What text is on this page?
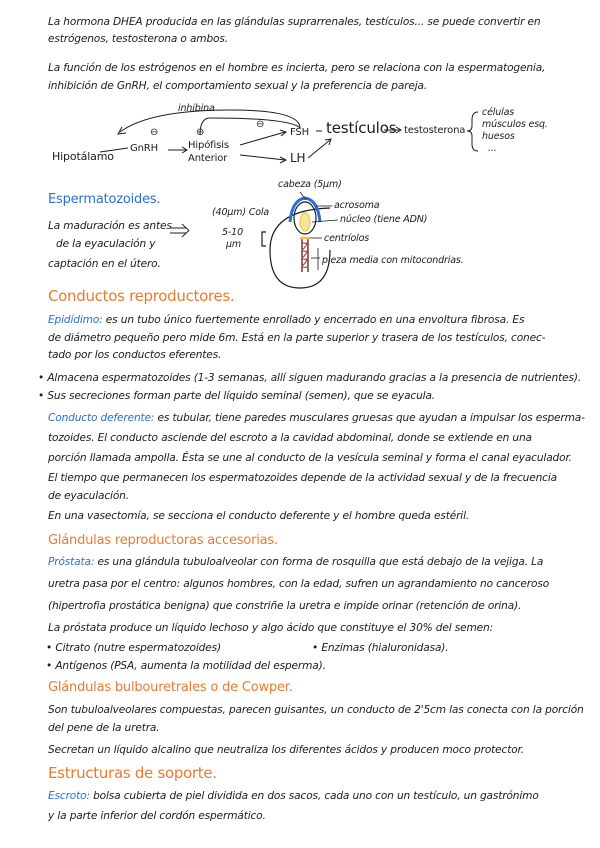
La hormona DHEA producida en las glándulas suprarrenales, testículos... se puede convertir en
estrógenos, testosterona o ambos.
La función de los estrógenos en el hombre es incierta, pero se relaciona con la espermatogenia,
inhibición de GnRH, el comportamiento sexual y la preferencia de pareja.
inhibina
⊖	⊖
⊖
Hipotálamo
GnRH	Hipófisis
Anterior
FSH
LH
testículos testosterona
células
músculos esq.
huesos
...
Espermatozoides.
La maduración es antes
de la eyaculación y
captación en el útero.
(40μm) Cola
5-10
μm
cabeza (5μm)
acrosoma
núcleo (tiene ADN)
centríolos
pieza media con mitocondrias.
Conductos reproductores.
Epidídimo: es un tubo único fuertemente enrollado y encerrado en una envoltura fibrosa. Es
de diámetro pequeño pero mide 6m. Está en la parte superior y trasera de los testículos, conec-
tado por los conductos eferentes.
• Almacena espermatozoides (1-3 semanas, allí siguen madurando gracias a la presencia de nutrientes).
• Sus secreciones forman parte del líquido seminal (semen), que se eyacula.
Conducto deferente: es tubular, tiene paredes musculares gruesas que ayudan a impulsar los esperma-
tozoides. El conducto asciende del escroto a la cavidad abdominal, donde se extiende en una
porción llamada ampolla. Ésta se une al conducto de la vesícula seminal y forma el canal eyaculador.
El tiempo que permanecen los espermatozoides depende de la actividad sexual y de la frecuencia
de eyaculación.
En una vasectomía, se secciona el conducto deferente y el hombre queda estéril.
Glándulas reproductoras accesorias.
Próstata: es una glándula tubuloalveolar con forma de rosquilla que está debajo de la vejiga. La
uretra pasa por el centro: algunos hombres, con la edad, sufren un agrandamiento no canceroso
(hipertrofia prostática benigna) que constriñe la uretra e impide orinar (retención de orina).
La próstata produce un líquido lechoso y algo ácido que constituye el 30% del semen:
• Citrato (nutre espermatozoides)	• Enzimas (hialuronidasa).
• Antígenos (PSA, aumenta la motilidad del esperma).
Glándulas bulbouretrales o de Cowper.
Son tubuloalveolares compuestas, parecen guisantes, un conducto de 2'5cm las conecta con la porción
del pene de la uretra.
Secretan un líquido alcalino que neutraliza los diferentes ácidos y producen moco protector.
Estructuras de soporte.
Escroto: bolsa cubierta de piel dividida en dos sacos, cada uno con un testículo, un gastrónimo
y la parte inferior del cordón espermático.
